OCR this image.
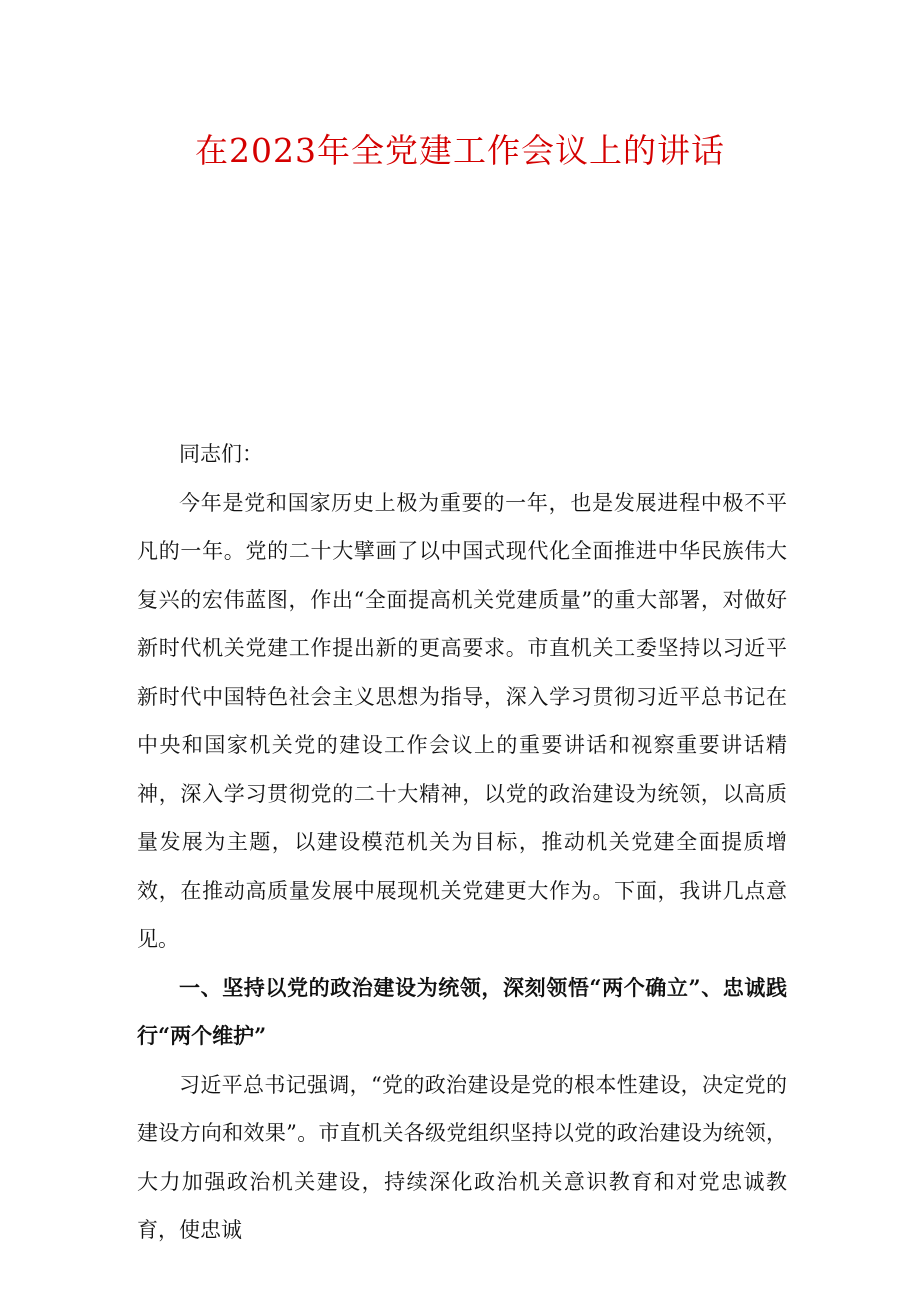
在2023年全党建工作会议上的讲话

同志们：

今年是党和国家历史上极为重要的一年，也是发展进程中极不平凡的一年。党的二十大擘画了以中国式现代化全面推进中华民族伟大复兴的宏伟蓝图，作出“全面提高机关党建质量”的重大部署，对做好新时代机关党建工作提出新的更高要求。市直机关工委坚持以习近平新时代中国特色社会主义思想为指导，深入学习贯彻习近平总书记在中央和国家机关党的建设工作会议上的重要讲话和视察重要讲话精神，深入学习贯彻党的二十大精神，以党的政治建设为统领，以高质量发展为主题，以建设模范机关为目标，推动机关党建全面提质增效，在推动高质量发展中展现机关党建更大作为。下面，我讲几点意见。

一、坚持以党的政治建设为统领，深刻领悟“两个确立”、忠诚践行“两个维护”

习近平总书记强调，“党的政治建设是党的根本性建设，决定党的建设方向和效果”。市直机关各级党组织坚持以党的政治建设为统领，大力加强政治机关建设，持续深化政治机关意识教育和对党忠诚教育，使忠诚
